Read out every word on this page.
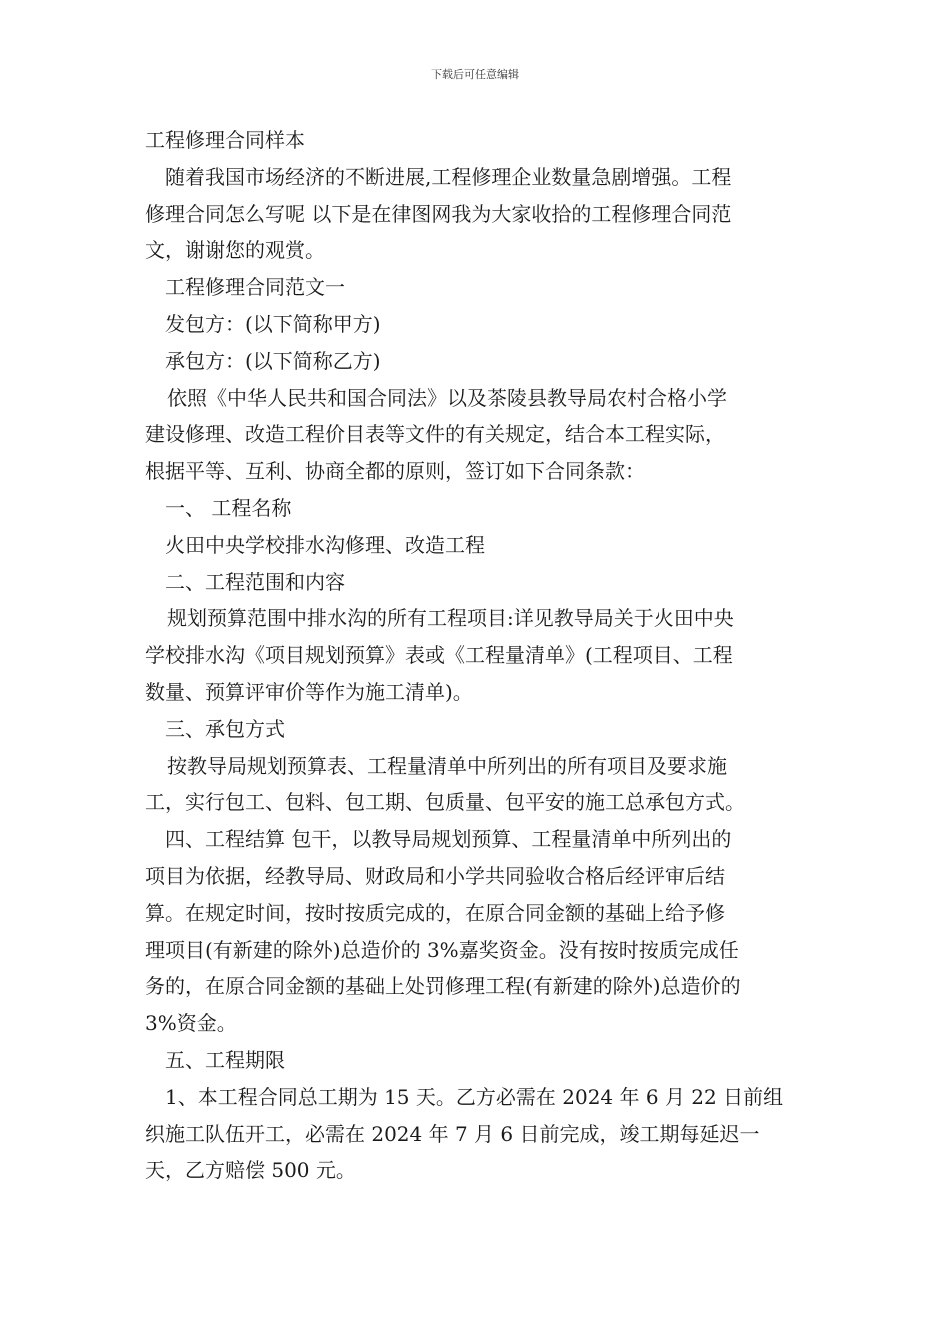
下载后可任意编辑
工程修理合同样本
随着我国市场经济的不断进展,工程修理企业数量急剧增强。工程
修理合同怎么写呢 以下是在律图网我为大家收拾的工程修理合同范
文，谢谢您的观赏。
工程修理合同范文一
发包方：(以下简称甲方)
承包方：(以下简称乙方)
依照《中华人民共和国合同法》以及茶陵县教导局农村合格小学
建设修理、改造工程价目表等文件的有关规定，结合本工程实际，
根据平等、互利、协商全都的原则，签订如下合同条款：
一、 工程名称
火田中央学校排水沟修理、改造工程
二、工程范围和内容
规划预算范围中排水沟的所有工程项目:详见教导局关于火田中央
学校排水沟《项目规划预算》表或《工程量清单》(工程项目、工程
数量、预算评审价等作为施工清单)。
三、承包方式
按教导局规划预算表、工程量清单中所列出的所有项目及要求施
工，实行包工、包料、包工期、包质量、包平安的施工总承包方式。
四、工程结算 包干，以教导局规划预算、工程量清单中所列出的
项目为依据，经教导局、财政局和小学共同验收合格后经评审后结
算。在规定时间，按时按质完成的，在原合同金额的基础上给予修
理项目(有新建的除外)总造价的 3%嘉奖资金。没有按时按质完成任
务的，在原合同金额的基础上处罚修理工程(有新建的除外)总造价的
3%资金。
五、工程期限
1、本工程合同总工期为 15 天。乙方必需在 2024 年 6 月 22 日前组
织施工队伍开工，必需在 2024 年 7 月 6 日前完成，竣工期每延迟一
天，乙方赔偿 500 元。
